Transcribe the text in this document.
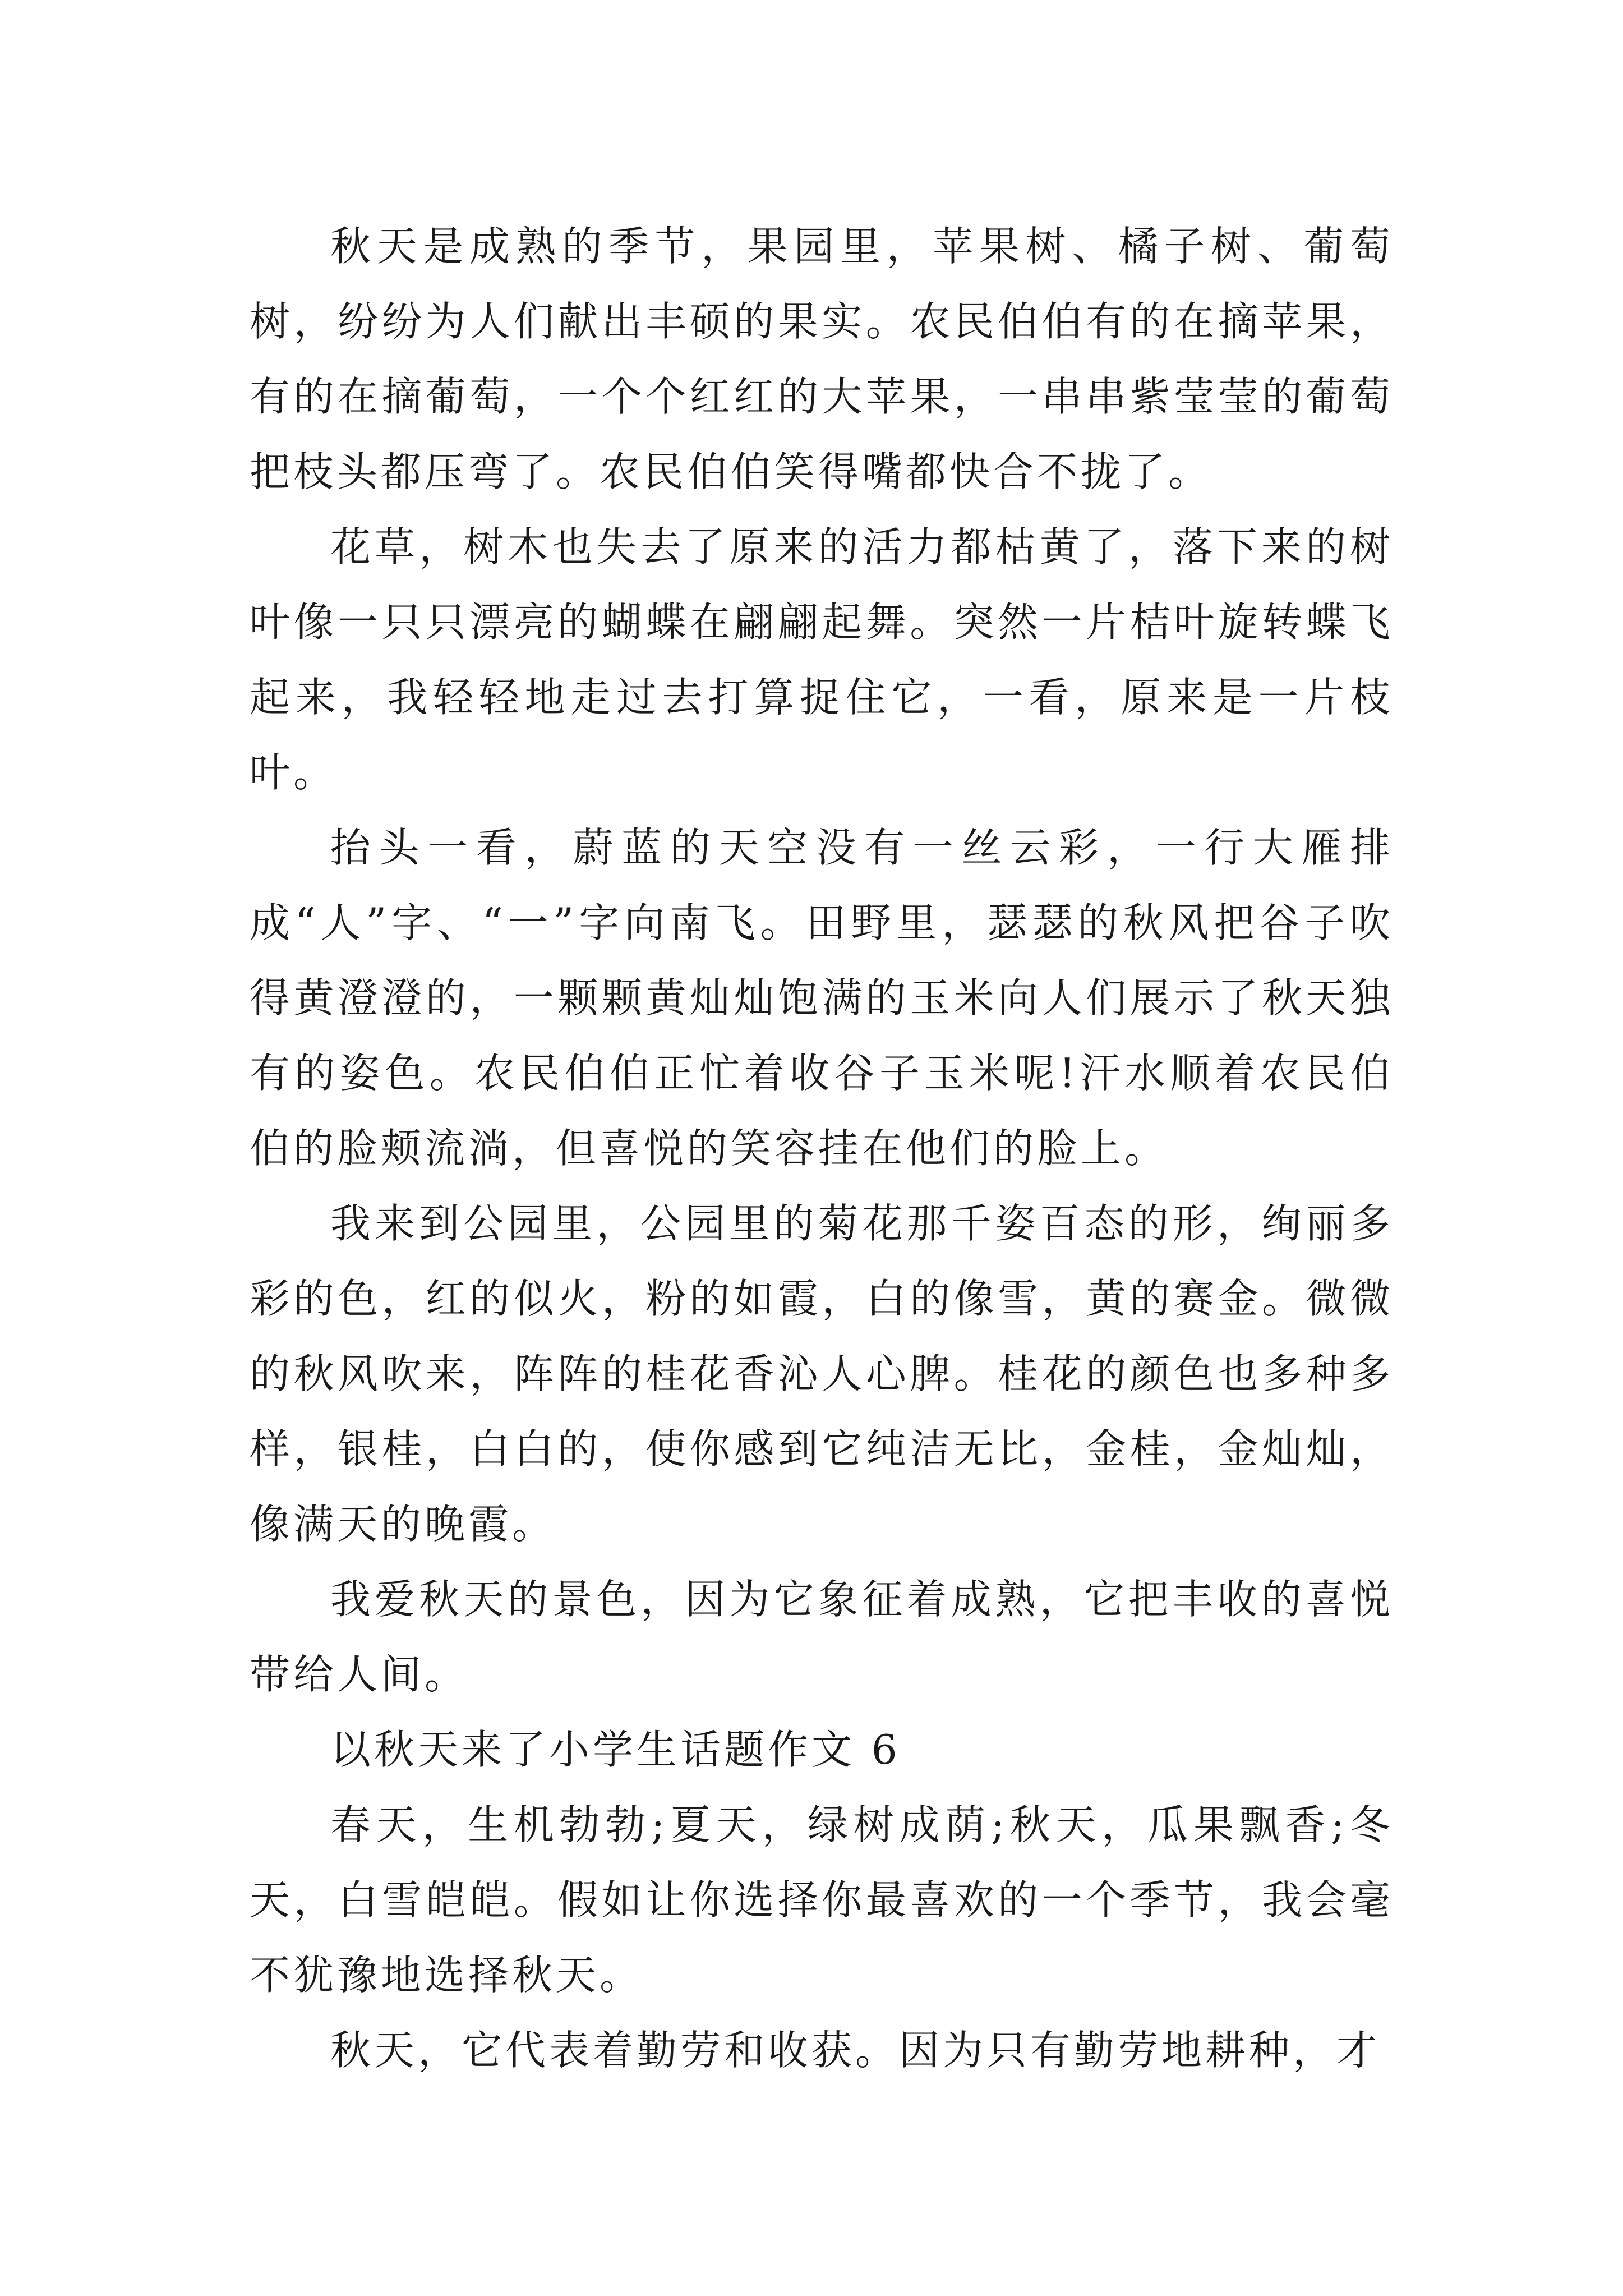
秋天是成熟的季节，果园里，苹果树、橘子树、葡萄树，纷纷为人们献出丰硕的果实。农民伯伯有的在摘苹果，有的在摘葡萄，一个个红红的大苹果，一串串紫莹莹的葡萄把枝头都压弯了。农民伯伯笑得嘴都快合不拢了。

花草，树木也失去了原来的活力都枯黄了，落下来的树叶像一只只漂亮的蝴蝶在翩翩起舞。突然一片桔叶旋转蝶飞起来，我轻轻地走过去打算捉住它，一看，原来是一片枝叶。

抬头一看，蔚蓝的天空没有一丝云彩，一行大雁排成“人”字、“一”字向南飞。田野里，瑟瑟的秋风把谷子吹得黄澄澄的，一颗颗黄灿灿饱满的玉米向人们展示了秋天独有的姿色。农民伯伯正忙着收谷子玉米呢!汗水顺着农民伯伯的脸颊流淌，但喜悦的笑容挂在他们的脸上。

我来到公园里，公园里的菊花那千姿百态的形，绚丽多彩的色，红的似火，粉的如霞，白的像雪，黄的赛金。微微的秋风吹来，阵阵的桂花香沁人心脾。桂花的颜色也多种多样，银桂，白白的，使你感到它纯洁无比，金桂，金灿灿，像满天的晚霞。

我爱秋天的景色，因为它象征着成熟，它把丰收的喜悦带给人间。

以秋天来了小学生话题作文 6

春天，生机勃勃;夏天，绿树成荫;秋天，瓜果飘香;冬天，白雪皑皑。假如让你选择你最喜欢的一个季节，我会毫不犹豫地选择秋天。

秋天，它代表着勤劳和收获。因为只有勤劳地耕种，才
